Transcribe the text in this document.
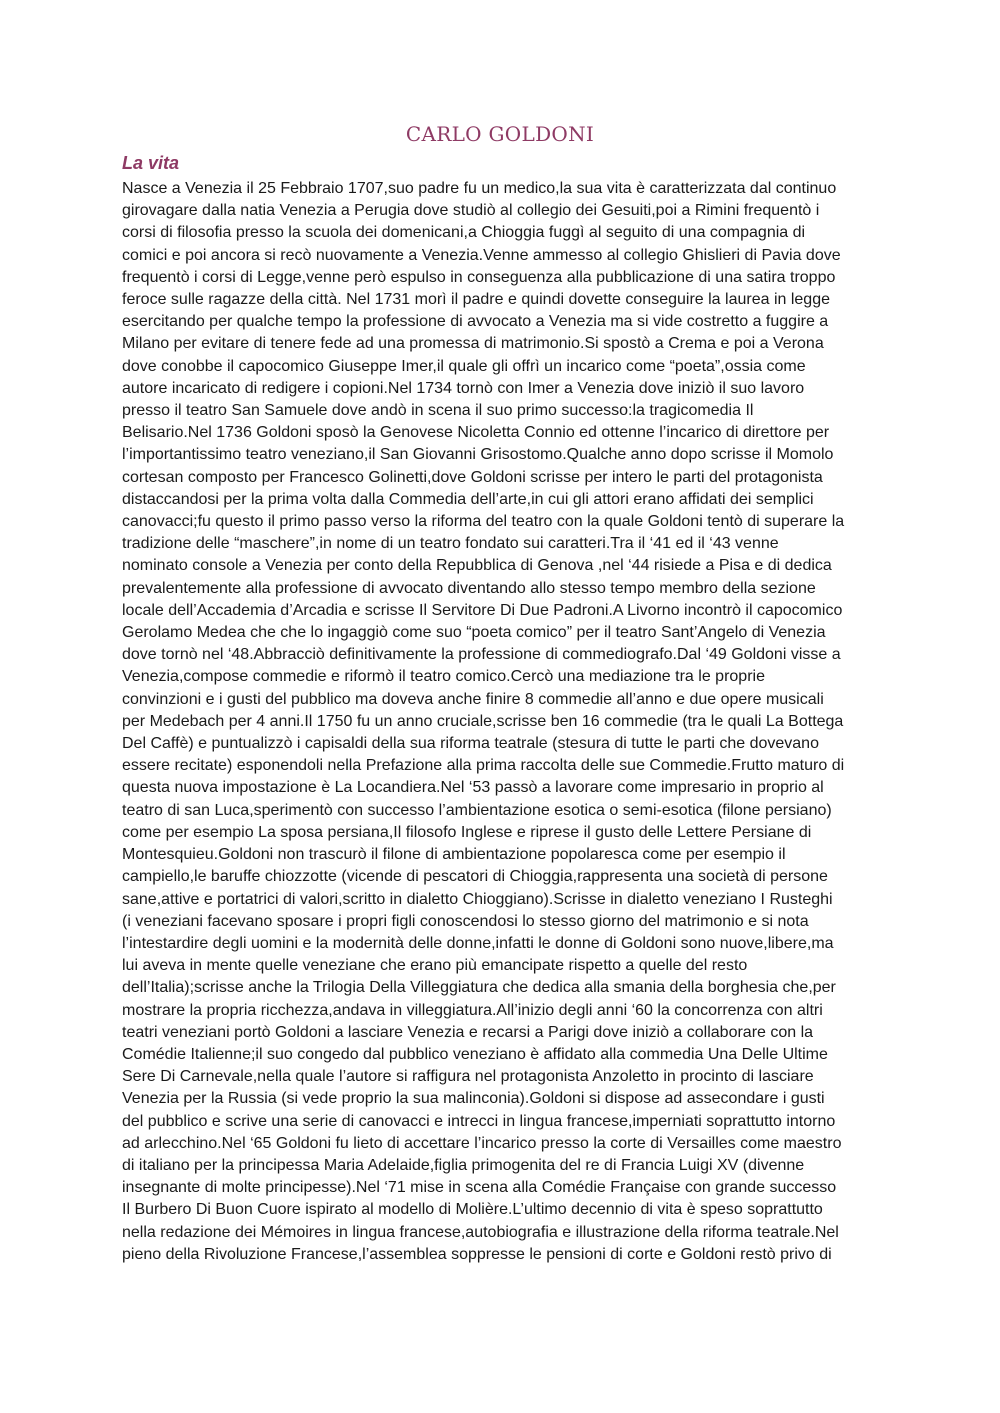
CARLO GOLDONI
La vita
Nasce a Venezia il 25 Febbraio 1707,suo padre fu un medico,la sua vita è caratterizzata dal continuo
girovagare dalla natia Venezia a Perugia dove studiò al collegio dei Gesuiti,poi a Rimini frequentò i
corsi di filosofia presso la scuola dei domenicani,a Chioggia fuggì al seguito di una compagnia di
comici e poi ancora si recò nuovamente a Venezia.Venne ammesso al collegio Ghislieri di Pavia dove
frequentò i corsi di Legge,venne però espulso in conseguenza alla pubblicazione di una satira troppo
feroce sulle ragazze della città. Nel 1731 morì il padre e quindi dovette conseguire la laurea in legge
esercitando per qualche tempo la professione di avvocato a Venezia ma si vide costretto a fuggire a
Milano per evitare di tenere fede ad una promessa di matrimonio.Si spostò a Crema e poi a Verona
dove conobbe il capocomico Giuseppe Imer,il quale gli offrì un incarico come “poeta”,ossia come
autore incaricato di redigere i copioni.Nel 1734 tornò con Imer a Venezia dove iniziò il suo lavoro
presso il teatro San Samuele dove andò in scena il suo primo successo:la tragicomedia Il
Belisario.Nel 1736 Goldoni sposò la Genovese Nicoletta Connio ed ottenne l’incarico di direttore per
l’importantissimo teatro veneziano,il San Giovanni Grisostomo.Qualche anno dopo scrisse il Momolo
cortesan composto per Francesco Golinetti,dove Goldoni scrisse per intero le parti del protagonista
distaccandosi per la prima volta dalla Commedia dell’arte,in cui gli attori erano affidati dei semplici
canovacci;fu questo il primo passo verso la riforma del teatro con la quale Goldoni tentò di superare la
tradizione delle “maschere”,in nome di un teatro fondato sui caratteri.Tra il ‘41 ed il ‘43 venne
nominato console a Venezia per conto della Repubblica di Genova ,nel ‘44 risiede a Pisa e di dedica
prevalentemente alla professione di avvocato diventando allo stesso tempo membro della sezione
locale dell’Accademia d’Arcadia e scrisse Il Servitore Di Due Padroni.A Livorno incontrò il capocomico
Gerolamo Medea che che lo ingaggiò come suo “poeta comico” per il teatro Sant’Angelo di Venezia
dove tornò nel ‘48.Abbracciò definitivamente la professione di commediografo.Dal ‘49 Goldoni visse a
Venezia,compose commedie e riformò il teatro comico.Cercò una mediazione tra le proprie
convinzioni e i gusti del pubblico ma doveva anche finire 8 commedie all’anno e due opere musicali
per Medebach per 4 anni.Il 1750 fu un anno cruciale,scrisse ben 16 commedie (tra le quali La Bottega
Del Caffè) e puntualizzò i capisaldi della sua riforma teatrale (stesura di tutte le parti che dovevano
essere recitate) esponendoli nella Prefazione alla prima raccolta delle sue Commedie.Frutto maturo di
questa nuova impostazione è La Locandiera.Nel ‘53 passò a lavorare come impresario in proprio al
teatro di san Luca,sperimentò con successo l’ambientazione esotica o semi-esotica (filone persiano)
come per esempio La sposa persiana,Il filosofo Inglese e riprese il gusto delle Lettere Persiane di
Montesquieu.Goldoni non trascurò il filone di ambientazione popolaresca come per esempio il
campiello,le baruffe chiozzotte (vicende di pescatori di Chioggia,rappresenta una società di persone
sane,attive e portatrici di valori,scritto in dialetto Chioggiano).Scrisse in dialetto veneziano I Rusteghi
(i veneziani facevano sposare i propri figli conoscendosi lo stesso giorno del matrimonio e si nota
l’intestardire degli uomini e la modernità delle donne,infatti le donne di Goldoni sono nuove,libere,ma
lui aveva in mente quelle veneziane che erano più emancipate rispetto a quelle del resto
dell’Italia);scrisse anche la Trilogia Della Villeggiatura che dedica alla smania della borghesia che,per
mostrare la propria ricchezza,andava in villeggiatura.All’inizio degli anni ‘60 la concorrenza con altri
teatri veneziani portò Goldoni a lasciare Venezia e recarsi a Parigi dove iniziò a collaborare con la
Comédie Italienne;il suo congedo dal pubblico veneziano è affidato alla commedia Una Delle Ultime
Sere Di Carnevale,nella quale l’autore si raffigura nel protagonista Anzoletto in procinto di lasciare
Venezia per la Russia (si vede proprio la sua malinconia).Goldoni si dispose ad assecondare i gusti
del pubblico e scrive una serie di canovacci e intrecci in lingua francese,imperniati soprattutto intorno
ad arlecchino.Nel ‘65 Goldoni fu lieto di accettare l’incarico presso la corte di Versailles come maestro
di italiano per la principessa Maria Adelaide,figlia primogenita del re di Francia Luigi XV (divenne
insegnante di molte principesse).Nel ‘71 mise in scena alla Comédie Française con grande successo
Il Burbero Di Buon Cuore ispirato al modello di Molière.L’ultimo decennio di vita è speso soprattutto
nella redazione dei Mémoires in lingua francese,autobiografia e illustrazione della riforma teatrale.Nel
pieno della Rivoluzione Francese,l’assemblea soppresse le pensioni di corte e Goldoni restò privo di
